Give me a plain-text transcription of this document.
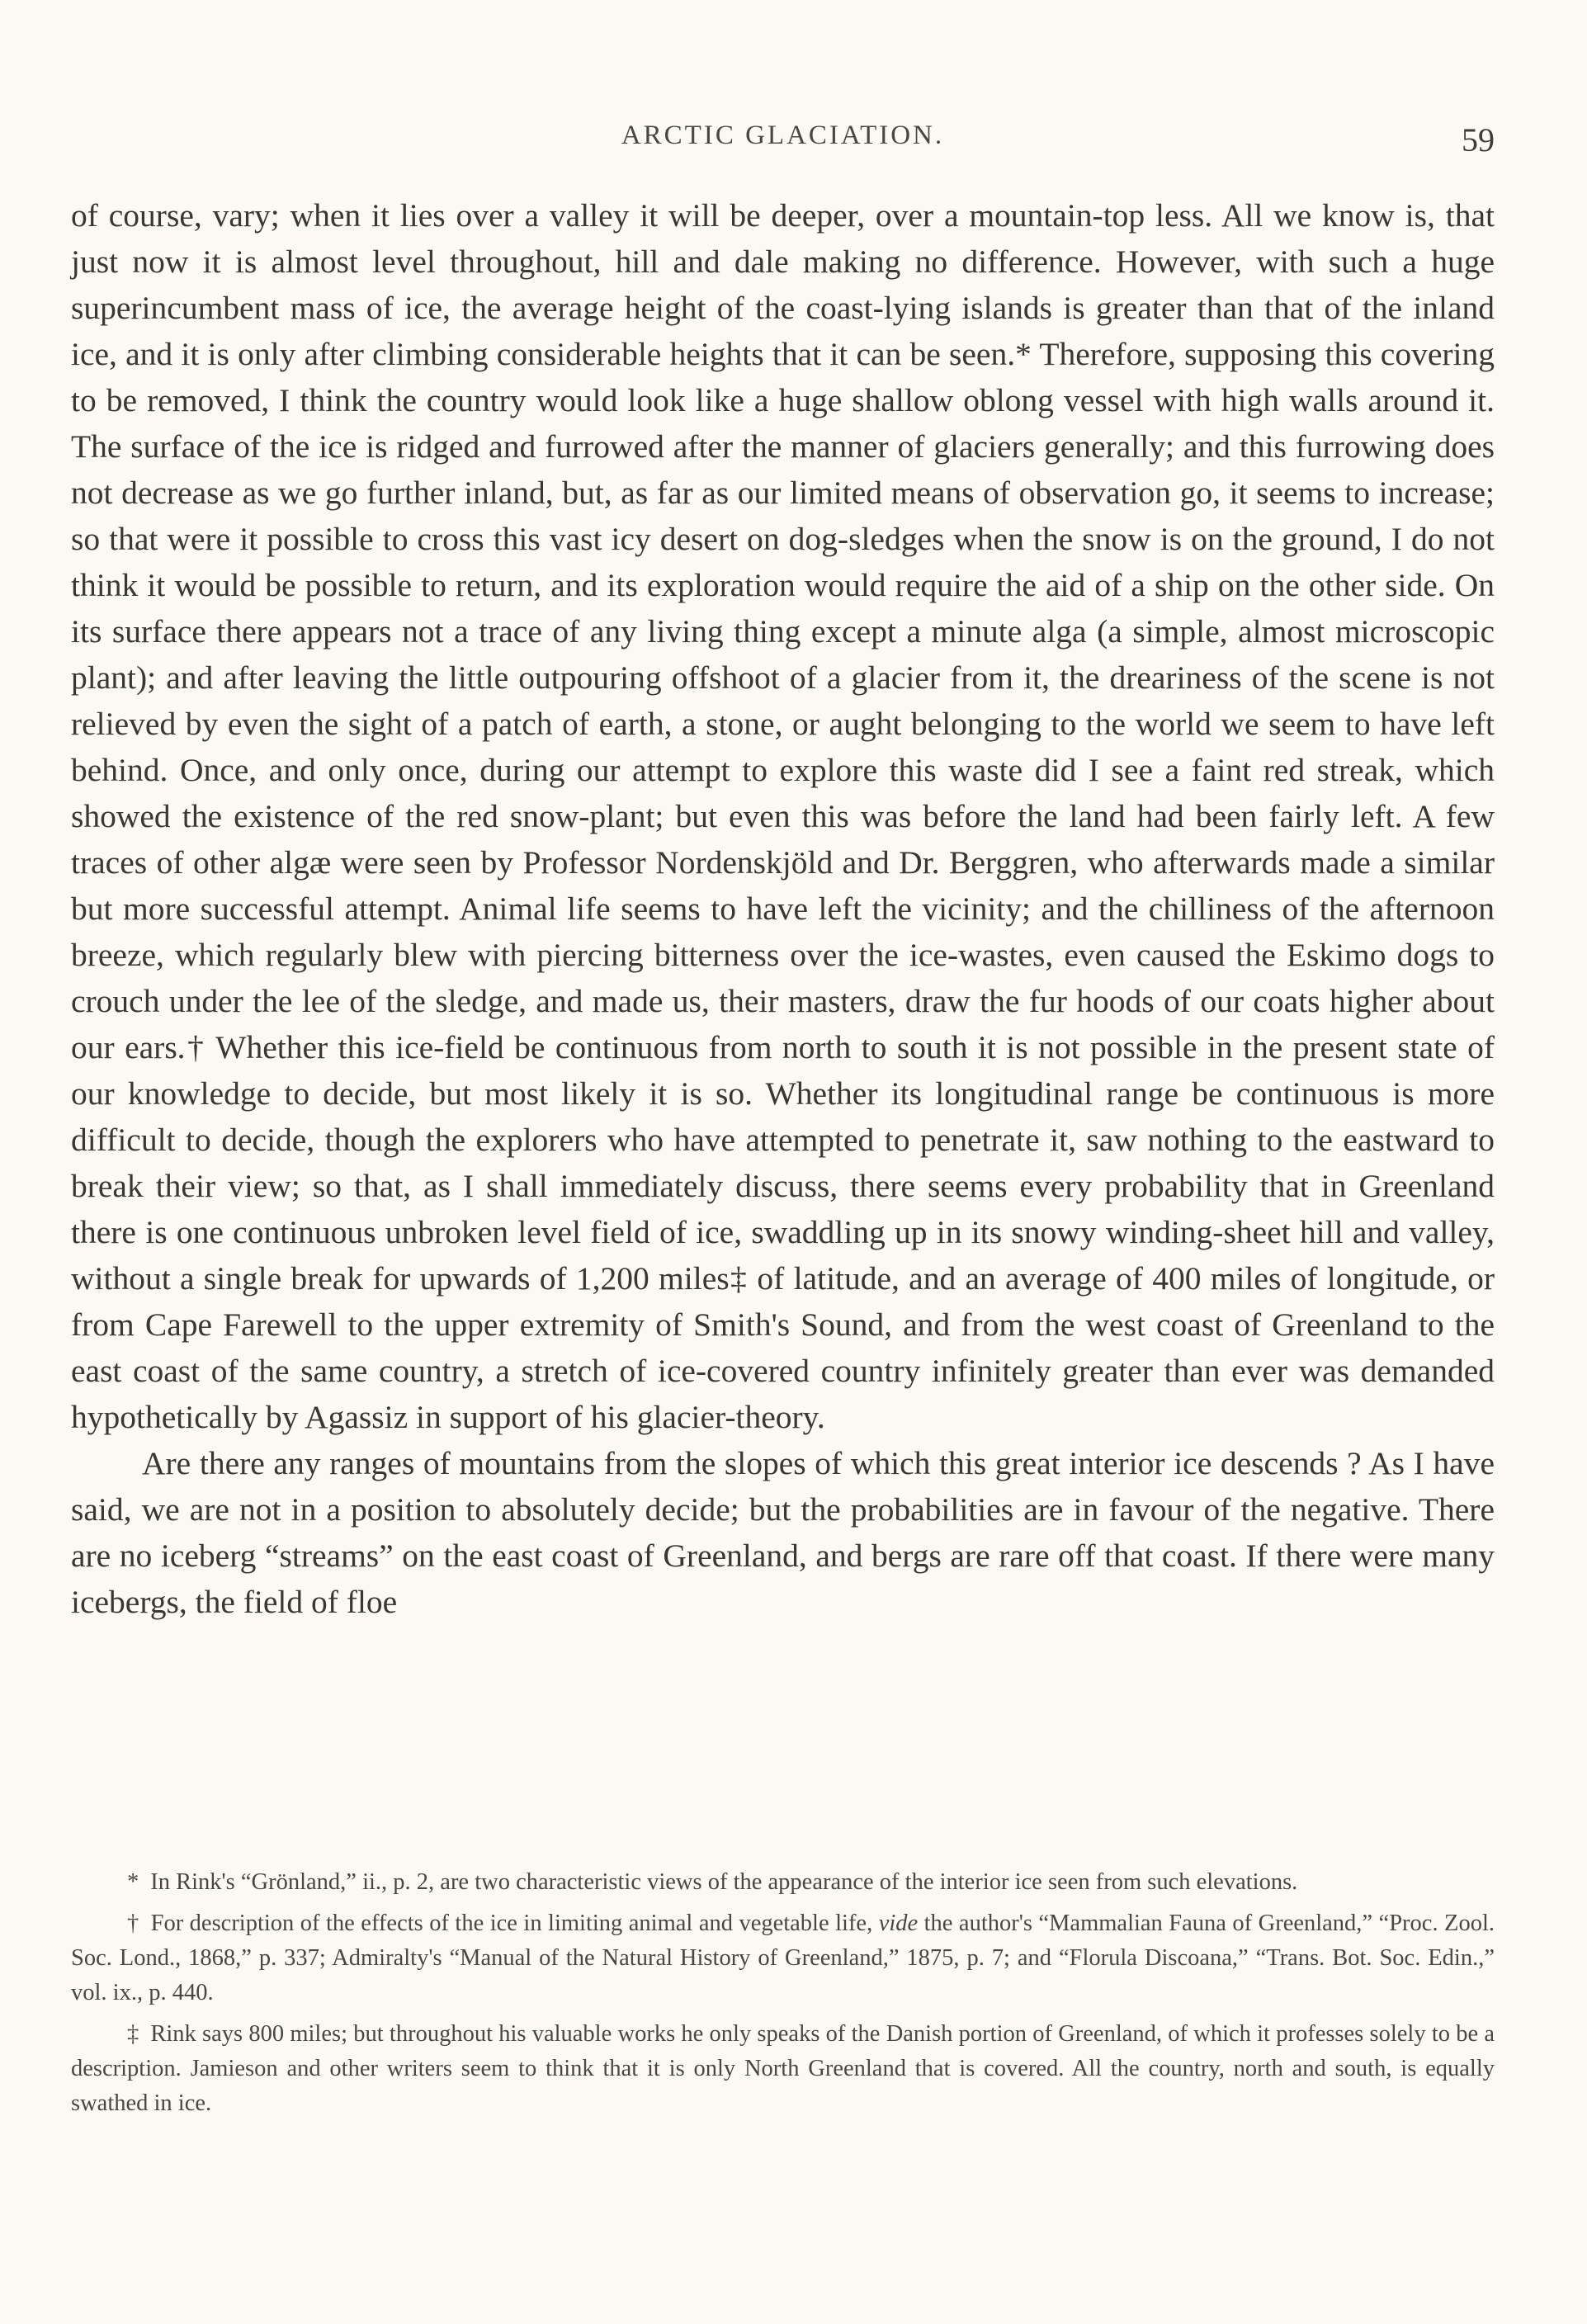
ARCTIC GLACIATION.	59

of course, vary; when it lies over a valley it will be deeper, over a mountain-top less. All we know is, that just now it is almost level throughout, hill and dale making no difference. However, with such a huge superincumbent mass of ice, the average height of the coast-lying islands is greater than that of the inland ice, and it is only after climbing considerable heights that it can be seen.* Therefore, supposing this covering to be removed, I think the country would look like a huge shallow oblong vessel with high walls around it. The surface of the ice is ridged and furrowed after the manner of glaciers generally; and this furrowing does not decrease as we go further inland, but, as far as our limited means of observation go, it seems to increase; so that were it possible to cross this vast icy desert on dog-sledges when the snow is on the ground, I do not think it would be possible to return, and its exploration would require the aid of a ship on the other side. On its surface there appears not a trace of any living thing except a minute alga (a simple, almost microscopic plant); and after leaving the little outpouring offshoot of a glacier from it, the dreariness of the scene is not relieved by even the sight of a patch of earth, a stone, or aught belonging to the world we seem to have left behind. Once, and only once, during our attempt to explore this waste did I see a faint red streak, which showed the existence of the red snow-plant; but even this was before the land had been fairly left. A few traces of other algæ were seen by Professor Nordenskjöld and Dr. Berggren, who afterwards made a similar but more successful attempt. Animal life seems to have left the vicinity; and the chilliness of the afternoon breeze, which regularly blew with piercing bitterness over the ice-wastes, even caused the Eskimo dogs to crouch under the lee of the sledge, and made us, their masters, draw the fur hoods of our coats higher about our ears.† Whether this ice-field be continuous from north to south it is not possible in the present state of our knowledge to decide, but most likely it is so. Whether its longitudinal range be continuous is more difficult to decide, though the explorers who have attempted to penetrate it, saw nothing to the eastward to break their view; so that, as I shall immediately discuss, there seems every probability that in Greenland there is one continuous unbroken level field of ice, swaddling up in its snowy winding-sheet hill and valley, without a single break for upwards of 1,200 miles‡ of latitude, and an average of 400 miles of longitude, or from Cape Farewell to the upper extremity of Smith's Sound, and from the west coast of Greenland to the east coast of the same country, a stretch of ice-covered country infinitely greater than ever was demanded hypothetically by Agassiz in support of his glacier-theory.

Are there any ranges of mountains from the slopes of which this great interior ice descends ? As I have said, we are not in a position to absolutely decide; but the probabilities are in favour of the negative. There are no iceberg “streams” on the east coast of Greenland, and bergs are rare off that coast. If there were many icebergs, the field of floe

* In Rink's “Grönland,” ii., p. 2, are two characteristic views of the appearance of the interior ice seen from such elevations.

† For description of the effects of the ice in limiting animal and vegetable life, vide the author's “Mammalian Fauna of Greenland,” “Proc. Zool. Soc. Lond., 1868,” p. 337; Admiralty's “Manual of the Natural History of Greenland,” 1875, p. 7; and “Florula Discoana,” “Trans. Bot. Soc. Edin.,” vol. ix., p. 440.

‡ Rink says 800 miles; but throughout his valuable works he only speaks of the Danish portion of Greenland, of which it professes solely to be a description. Jamieson and other writers seem to think that it is only North Greenland that is covered. All the country, north and south, is equally swathed in ice.
